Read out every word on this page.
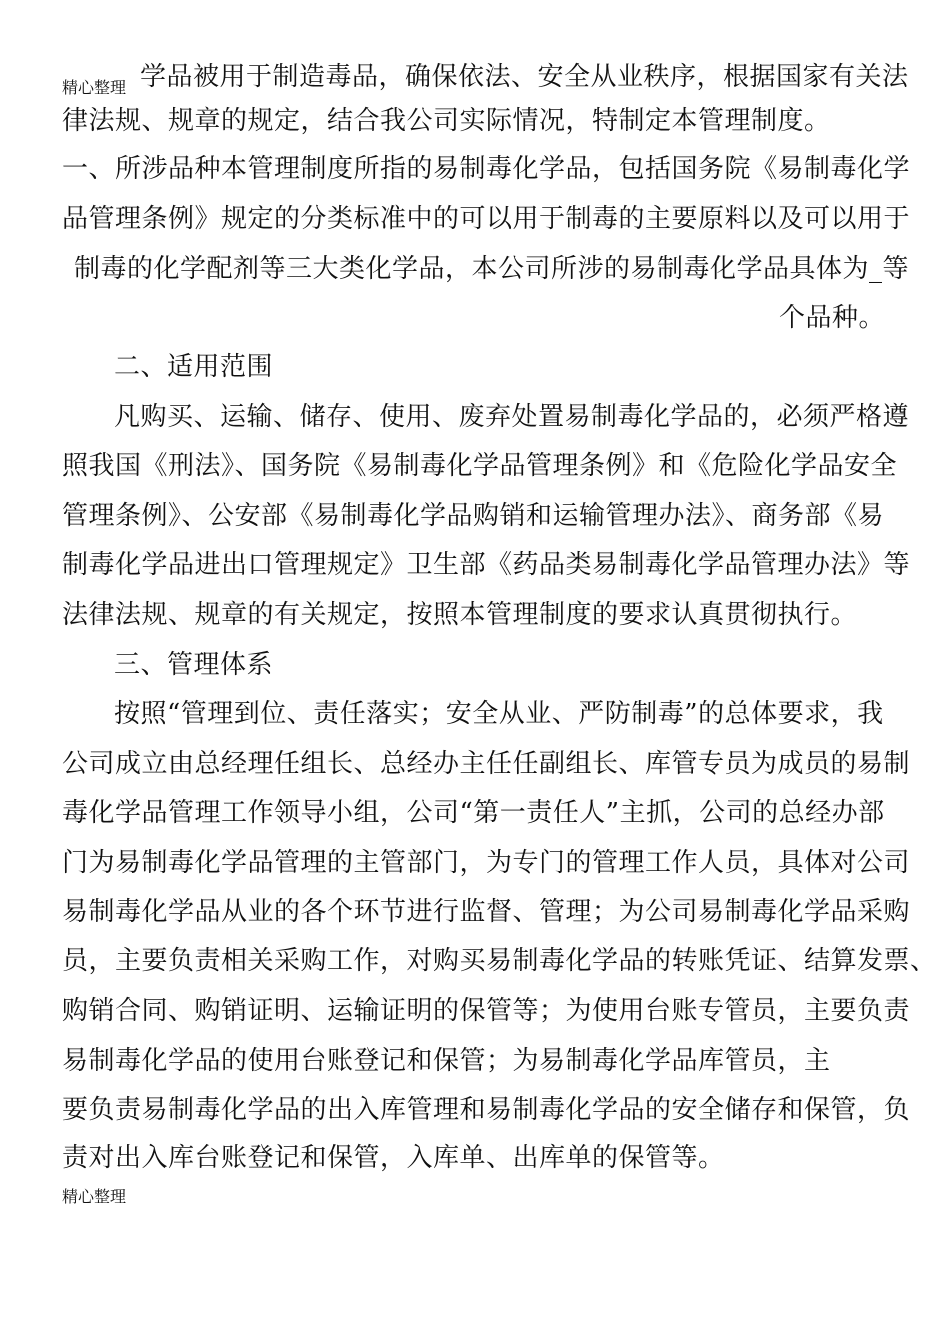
精心整理 学品被用于制造毒品，确保依法、安全从业秩序，根据国家有关法
律法规、规章的规定，结合我公司实际情况，特制定本管理制度。
一、所涉品种本管理制度所指的易制毒化学品，包括国务院《易制毒化学
品管理条例》规定的分类标准中的可以用于制毒的主要原料以及可以用于
制毒的化学配剂等三大类化学品，本公司所涉的易制毒化学品具体为_等
个品种。
二、适用范围
凡购买、运输、储存、使用、废弃处置易制毒化学品的，必须严格遵
照我国《刑法》、国务院《易制毒化学品管理条例》和《危险化学品安全
管理条例》、公安部《易制毒化学品购销和运输管理办法》、商务部《易
制毒化学品进出口管理规定》卫生部《药品类易制毒化学品管理办法》等
法律法规、规章的有关规定，按照本管理制度的要求认真贯彻执行。
三、管理体系
按照“管理到位、责任落实；安全从业、严防制毒”的总体要求，我
公司成立由总经理任组长、总经办主任任副组长、库管专员为成员的易制
毒化学品管理工作领导小组，公司“第一责任人”主抓，公司的总经办部
门为易制毒化学品管理的主管部门，为专门的管理工作人员，具体对公司
易制毒化学品从业的各个环节进行监督、管理；为公司易制毒化学品采购
员，主要负责相关采购工作，对购买易制毒化学品的转账凭证、结算发票、
购销合同、购销证明、运输证明的保管等；为使用台账专管员，主要负责
易制毒化学品的使用台账登记和保管；为易制毒化学品库管员，主
要负责易制毒化学品的出入库管理和易制毒化学品的安全储存和保管，负
责对出入库台账登记和保管，入库单、出库单的保管等。
精心整理
